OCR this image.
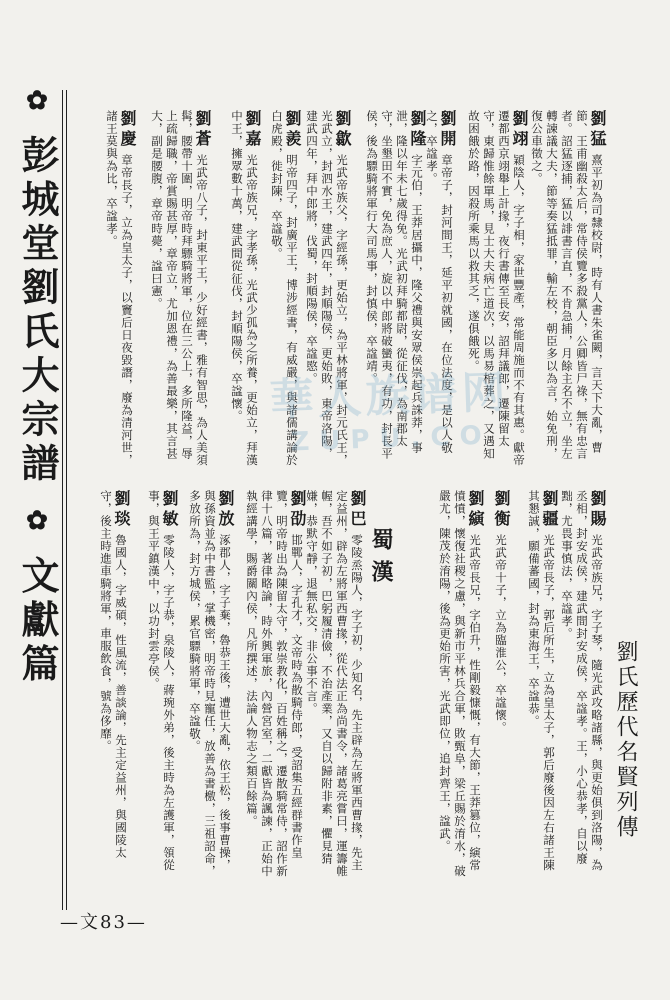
✿ 彭城堂劉氏大宗譜 ✿ 文獻篇
劉猛熹平初為司隸校尉，時有人書朱雀闕，言天下大亂，曹節、王甫幽殺太后，常侍侯覽多殺黨人，公卿皆尸祿，無有忠言者。詔猛逐捕，猛以誹書言直，不肯急捕，月餘主名不立，坐左轉諫議大夫，節等奏猛抵罪，輸左校，朝臣多以為言，始免刑，復公車徵之。
劉翊穎陰人，字子相，家世豐產，常能周施而不有其惠。獻帝遷都西京翊舉上計掾，夜行書傳至長安，詔拜議郎，遷陳留太守，東歸惟餘單馬，見士大夫病亡道次，以馬易棺葬之，又遇知故困餓於路，因殺所乘馬以救其乏，遂俱餓死。
劉開章帝子，封河間王，延平初就國，在位法度，是以人敬之，卒諡孝。
劉隆字元伯，王莽居攝中，隆父禮與安眾侯崇起兵誅莽，事泄，隆以年未七歲得免。光武初拜騎都尉，從征伐，為南郡太守，坐墾田不實，免為庶人，旋以中郎將破蠻夷，有功，封長平侯，後為驃騎將軍行大司馬事，封慎侯，卒諡靖。
劉歙光武帝族父，字經孫，更始立，為平林將軍，封元氏王，光武立，封泗水王，建武四年，封順陽侯，更始敗，東帝洛陽，建武四年，拜中郎將，伐蜀，封順陽侯，卒諡愍。
劉羨明帝四子，封廣平王，博涉經書，有威嚴，與諸儒講論於白虎殿，徙封陳，卒諡敬。
劉嘉光武帝族兄，字孝孫，光武少孤為之所養，更始立，拜漢中王，擁眾數十萬，建武間從征伐，封順陽侯，卒諡懷。
劉蒼光武帝八子，封東平王，少好經書，雅有智思，為人美須髯，腰帶十圍，明帝時拜驃騎將軍，位在三公上，多所隆益，辱上疏歸職，帝賞賜甚厚，章帝立，尤加恩禮，為善最樂，其言甚大，副是腰腹，章帝時薨，諡曰憲。
劉慶章帝長子，立為皇太子，以竇后日夜毀譖，廢為清河世，諸王莫與為比，卒諡孝。
劉賜光武帝族兄，字子琴，隨光武攻略諸縣，與更始俱到洛陽，為丞相，封安成侯，建武間封安成侯，卒諡孝。王，小心恭孝，自以廢黜，尤畏事慎法，卒諡孝。
劉疆光武帝長子，郭后所生，立為皇太子，郭后廢後因左右諸王陳其懇誠，願備蕃國，封為東海王，卒諡恭。
劉衡光武帝十子，立為臨淮公，卒諡懷。
劉縯光武帝長兄，字伯升，性剛毅慷慨，有大節，王莽篡位，縯常憤憤，懷復社稷之慮，與新市平林兵合軍，敗甄阜，梁丘賜於淯水，破嚴尤，陳茂於淯陽，後為更始所害，光武即位，追封齊王，諡武。
蜀漢
劉巴零陵烝陽人，字子初，少知名，先主辟為左將軍西曹掾，先主定益州，辟為左將軍西曹掾，從代法正為尚書令，諸葛亮嘗曰，運籌帷幄，吾不如子初，巴躬履清儉，不治產業，又自以歸附非素，懼見猜嫌，恭默守靜，退無私交，非公事不言。
劉劭邯鄲人，字孔才，文帝時為散騎侍郎，受詔集五經群書作皇覽，明帝時出為陳留太守，敦崇教化，百姓稱之，遷散騎常侍，詔作新律十八篇，著律略論，時外興軍旅，內營宮室，二獻皆為諷諫，正始中執經講學，賜爵關內侯，凡所撰述，法論人物志之類百餘篇。
劉放涿郡人，字子棄，魯恭王後，遭世大亂，依王松，後事曹操，與孫資並為中書監，掌機密，明帝時見寵任，放善為書檄，三祖詔命，多放所為，封方城侯，累官驃騎將軍，卒諡敬。
劉敏零陵人，字子恭，泉陵人，蔣琬外弟，後主時為左護軍，領從事，與王平鎮漢中，以功封雲亭侯。
劉琰魯國人，字威碩，性風流，善談論，先主定益州，與國陵太守，後主時進車騎將軍，車服飲食，號為侈靡。
華人族谱网
ZUPU.CO
劉氏歷代名賢列傳
—文83—
